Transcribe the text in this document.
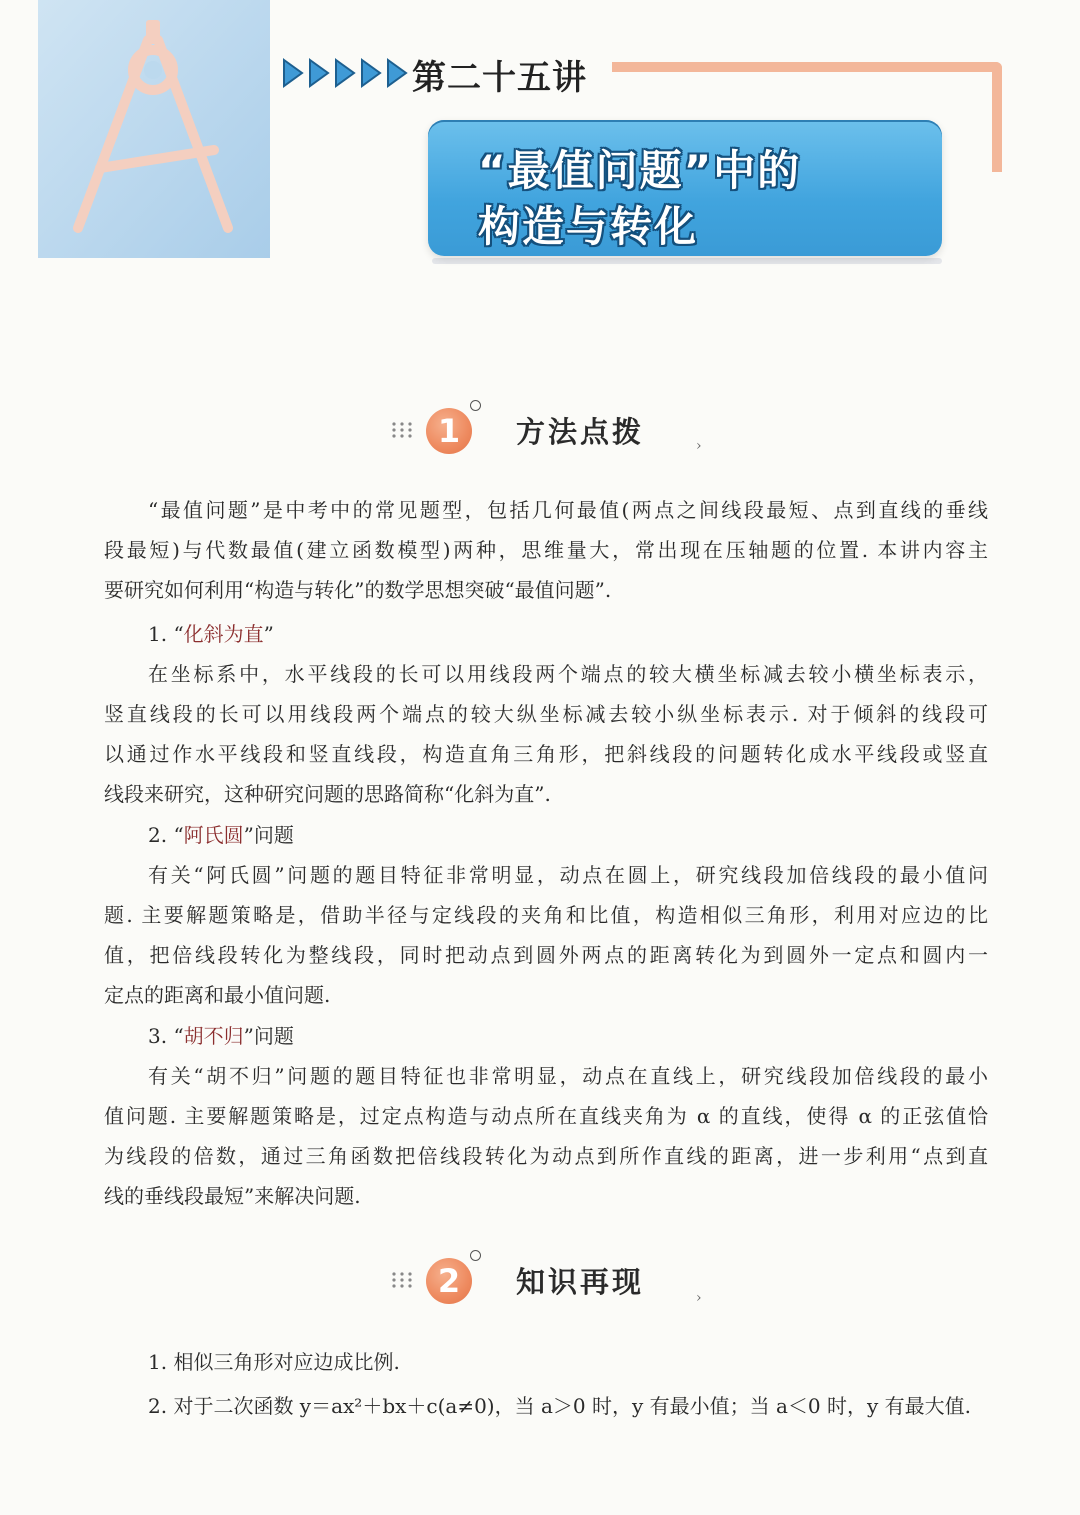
第二十五讲
“最值问题”中的
构造与转化
1	方法点拨	›
“最值问题”是中考中的常见题型，包括几何最值(两点之间线段最短、点到直线的垂线
段最短)与代数最值(建立函数模型)两种，思维量大，常出现在压轴题的位置. 本讲内容主
要研究如何利用“构造与转化”的数学思想突破“最值问题”.
1. “化斜为直”
在坐标系中，水平线段的长可以用线段两个端点的较大横坐标减去较小横坐标表示，
竖直线段的长可以用线段两个端点的较大纵坐标减去较小纵坐标表示. 对于倾斜的线段可
以通过作水平线段和竖直线段，构造直角三角形，把斜线段的问题转化成水平线段或竖直
线段来研究，这种研究问题的思路简称“化斜为直”.
2. “阿氏圆”问题
有关“阿氏圆”问题的题目特征非常明显，动点在圆上，研究线段加倍线段的最小值问
题. 主要解题策略是，借助半径与定线段的夹角和比值，构造相似三角形，利用对应边的比
值，把倍线段转化为整线段，同时把动点到圆外两点的距离转化为到圆外一定点和圆内一
定点的距离和最小值问题.
3. “胡不归”问题
有关“胡不归”问题的题目特征也非常明显，动点在直线上，研究线段加倍线段的最小
值问题. 主要解题策略是，过定点构造与动点所在直线夹角为 α 的直线，使得 α 的正弦值恰
为线段的倍数，通过三角函数把倍线段转化为动点到所作直线的距离，进一步利用“点到直
线的垂线段最短”来解决问题.
2	知识再现	›
1. 相似三角形对应边成比例.
2. 对于二次函数 y＝ax²＋bx＋c(a≠0)，当 a＞0 时，y 有最小值；当 a＜0 时，y 有最大值.
